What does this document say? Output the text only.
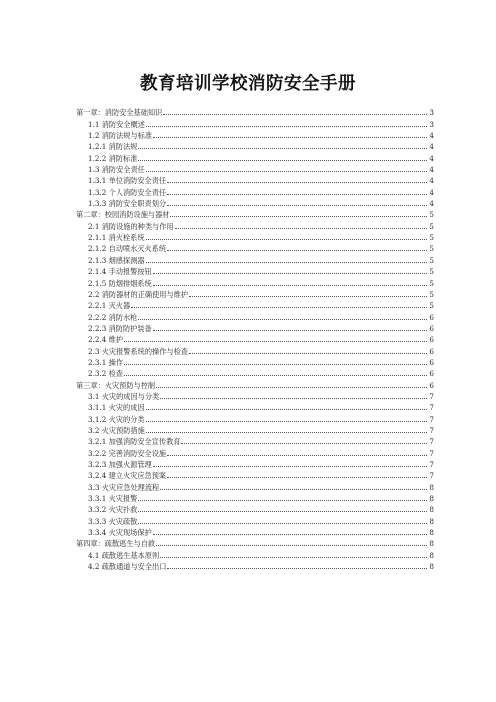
教育培训学校消防安全手册
第一章：消防安全基础知识	3
1.1 消防安全概述	3
1.2 消防法规与标准	4
1.2.1 消防法规	4
1.2.2 消防标准	4
1.3 消防安全责任	4
1.3.1 单位消防安全责任	4
1.3.2 个人消防安全责任	4
1.3.3 消防安全职责划分	4
第二章：校园消防设施与器材	5
2.1 消防设施的种类与作用	5
2.1.1 消火栓系统	5
2.1.2 自动喷水灭火系统	5
2.1.3 烟感探测器	5
2.1.4 手动报警按钮	5
2.1.5 防烟排烟系统	5
2.2 消防器材的正确使用与维护	5
2.2.1 灭火器	5
2.2.2 消防水枪	6
2.2.3 消防防护装备	6
2.2.4 维护	6
2.3 火灾报警系统的操作与检查	6
2.3.1 操作	6
2.3.2 检查	6
第三章：火灾预防与控制	6
3.1 火灾的成因与分类	7
3.1.1 火灾的成因	7
3.1.2 火灾的分类	7
3.2 火灾预防措施	7
3.2.1 加强消防安全宣传教育	7
3.2.2 完善消防安全设施	7
3.2.3 加强火源管理	7
3.2.4 建立火灾应急预案	7
3.3 火灾应急处理流程	8
3.3.1 火灾报警	8
3.3.2 火灾扑救	8
3.3.3 火灾疏散	8
3.3.4 火灾现场保护	8
第四章：疏散逃生与自救	8
4.1 疏散逃生基本原则	8
4.2 疏散通道与安全出口	8
